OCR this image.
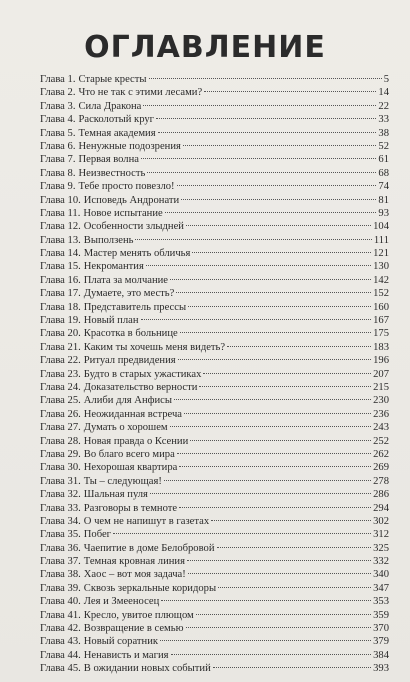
ОГЛАВЛЕНИЕ
Глава 1. Старые кресты	5
Глава 2. Что не так с этими лесами?	14
Глава 3. Сила Дракона	22
Глава 4. Расколотый круг	33
Глава 5. Темная академия	38
Глава 6. Ненужные подозрения	52
Глава 7. Первая волна	61
Глава 8. Неизвестность	68
Глава 9. Тебе просто повезло!	74
Глава 10. Исповедь Андронати	81
Глава 11. Новое испытание	93
Глава 12. Особенности злыдней	104
Глава 13. Выползень	111
Глава 14. Мастер менять обличья	121
Глава 15. Некромантия	130
Глава 16. Плата за молчание	142
Глава 17. Думаете, это месть?	152
Глава 18. Представитель прессы	160
Глава 19. Новый план	167
Глава 20. Красотка в больнице	175
Глава 21. Каким ты хочешь меня видеть?	183
Глава 22. Ритуал предвидения	196
Глава 23. Будто в старых ужастиках	207
Глава 24. Доказательство верности	215
Глава 25. Алиби для Анфисы	230
Глава 26. Неожиданная встреча	236
Глава 27. Думать о хорошем	243
Глава 28. Новая правда о Ксении	252
Глава 29. Во благо всего мира	262
Глава 30. Нехорошая квартира	269
Глава 31. Ты – следующая!	278
Глава 32. Шальная пуля	286
Глава 33. Разговоры в темноте	294
Глава 34. О чем не напишут в газетах	302
Глава 35. Побег	312
Глава 36. Чаепитие в доме Белобровой	325
Глава 37. Темная кровная линия	332
Глава 38. Хаос – вот моя задача!	340
Глава 39. Сквозь зеркальные коридоры	347
Глава 40. Лея и Змееносец	353
Глава 41. Кресло, увитое плющом	359
Глава 42. Возвращение в семью	370
Глава 43. Новый соратник	379
Глава 44. Ненависть и магия	384
Глава 45. В ожидании новых событий	393
